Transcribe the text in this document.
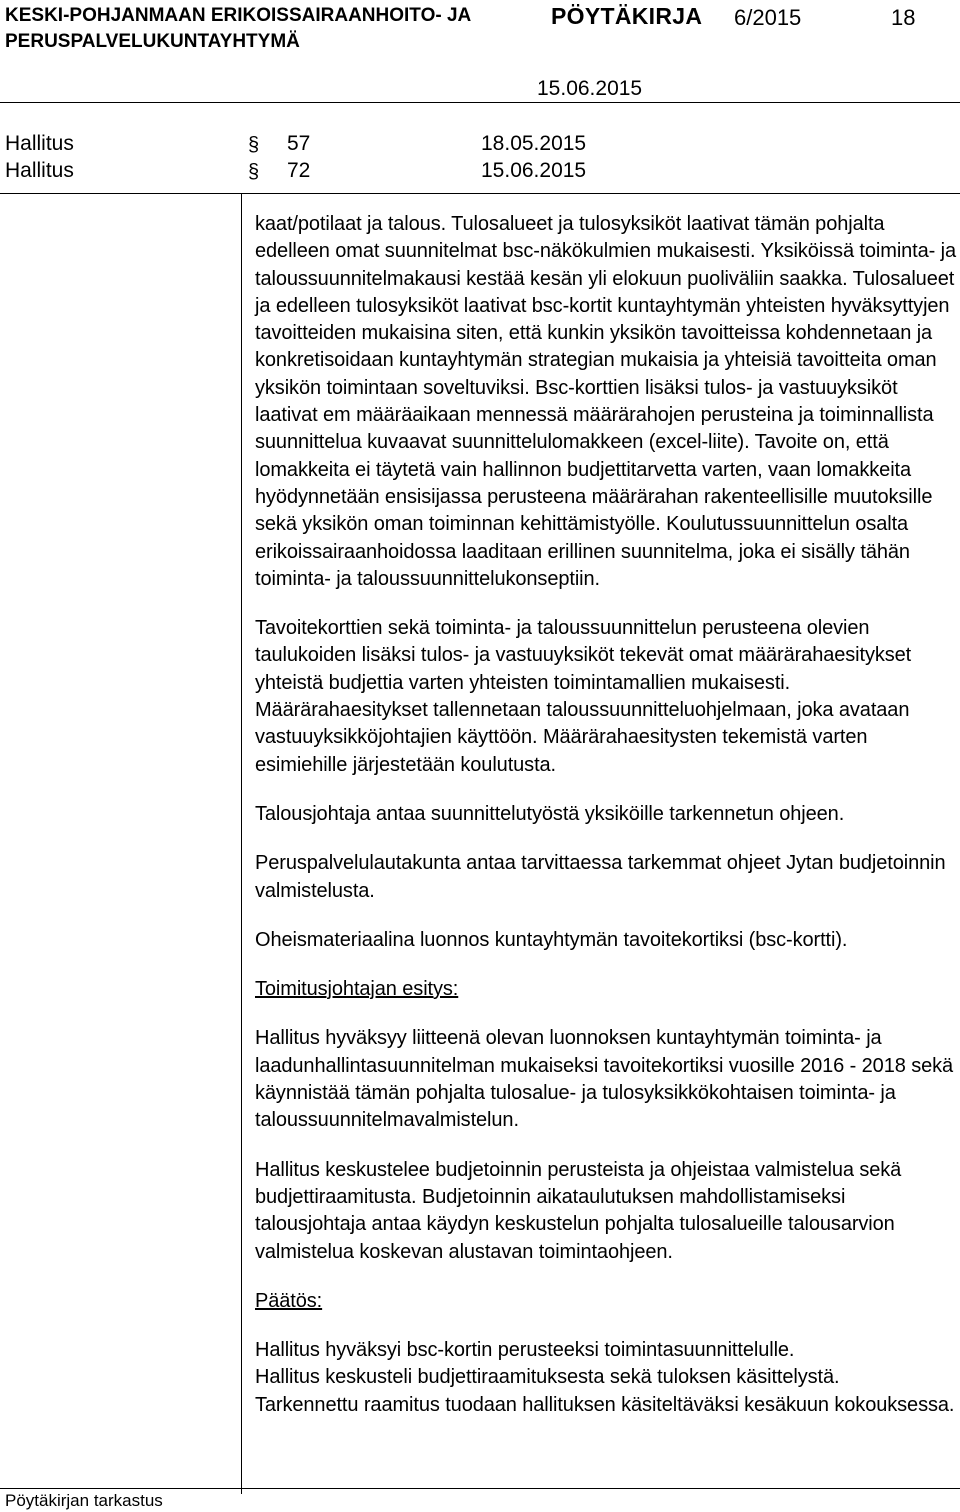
KESKI-POHJANMAAN ERIKOISSAIRAANHOITO- JA
PERUSPALVELUKUNTAYHTYMÄ
PÖYTÄKIRJA 6/2015	18
15.06.2015
Hallitus	§ 57	18.05.2015
Hallitus	§ 72	15.06.2015

kaat/potilaat ja talous. Tulosalueet ja tulosyksiköt laativat tämän pohjalta edelleen omat suunnitelmat bsc-näkökulmien mukaisesti. Yksiköissä toiminta- ja taloussuunnitelmakausi kestää kesän yli elokuun puoliväliin saakka. Tulosalueet ja edelleen tulosyksiköt laativat bsc-kortit kuntayhtymän yhteisten hyväksyttyjen tavoitteiden mukaisina siten, että kunkin yksikön tavoitteissa kohdennetaan ja konkretisoidaan kuntayhtymän strategian mukaisia ja yhteisiä tavoitteita oman yksikön toimintaan soveltuviksi. Bsc-korttien lisäksi tulos- ja vastuuyksiköt laativat em määräaikaan mennessä määrärahojen perusteina ja toiminnallista suunnittelua kuvaavat suunnittelulomakkeen (excel-liite). Tavoite on, että lomakkeita ei täytetä vain hallinnon budjettitarvetta varten, vaan lomakkeita hyödynnetään ensisijassa perusteena määrärahan rakenteellisille muutoksille sekä yksikön oman toiminnan kehittämistyölle. Koulutussuunnittelun osalta erikoissairaanhoidossa laaditaan erillinen suunnitelma, joka ei sisälly tähän toiminta- ja taloussuunnittelukonseptiin.

Tavoitekorttien sekä toiminta- ja taloussuunnittelun perusteena olevien taulukoiden lisäksi tulos- ja vastuuyksiköt tekevät omat määrärahaesitykset yhteistä budjettia varten yhteisten toimintamallien mukaisesti. Määrärahaesitykset tallennetaan taloussuunnitteluohjelmaan, joka avataan vastuuyksikköjohtajien käyttöön. Määrärahaesitysten tekemistä varten esimiehille järjestetään koulutusta.

Talousjohtaja antaa suunnittelutyöstä yksiköille tarkennetun ohjeen.

Peruspalvelulautakunta antaa tarvittaessa tarkemmat ohjeet Jytan budjetoinnin valmistelusta.

Oheismateriaalina luonnos kuntayhtymän tavoitekortiksi (bsc-kortti).

Toimitusjohtajan esitys:

Hallitus hyväksyy liitteenä olevan luonnoksen kuntayhtymän toiminta- ja laadunhallintasuunnitelman mukaiseksi tavoitekortiksi vuosille 2016 - 2018 sekä käynnistää tämän pohjalta tulosalue- ja tulosyksikkökohtaisen toiminta- ja taloussuunnitelmavalmistelun.

Hallitus keskustelee budjetoinnin perusteista ja ohjeistaa valmistelua sekä budjettiraamitusta. Budjetoinnin aikataulutuksen mahdollistamiseksi talousjohtaja antaa käydyn keskustelun pohjalta tulosalueille talousarvion valmistelua koskevan alustavan toimintaohjeen.

Päätös:

Hallitus hyväksyi bsc-kortin perusteeksi toimintasuunnittelulle.

Hallitus keskusteli budjettiraamituksesta sekä tuloksen käsittelystä.

Tarkennettu raamitus tuodaan hallituksen käsiteltäväksi kesäkuun kokouksessa.

Pöytäkirjan tarkastus
